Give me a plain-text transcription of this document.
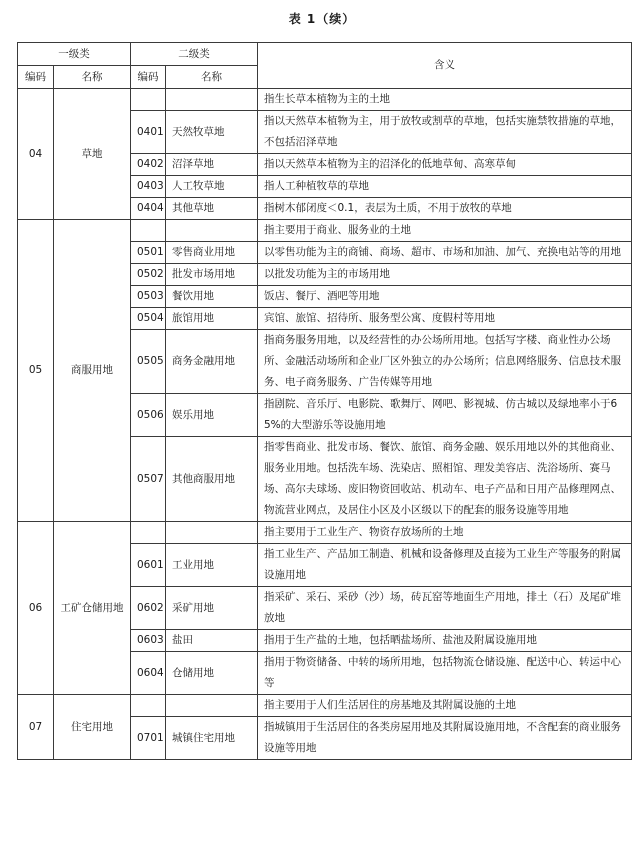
表 1（续）
一级类		二级类		含义
编码	名称	编码	名称	
04	草地			指生长草本植物为主的土地
		0401	天然牧草地	指以天然草本植物为主，用于放牧或割草的草地，包括实施禁牧措施的草地，不包括沼泽草地
		0402	沼泽草地	指以天然草本植物为主的沼泽化的低地草甸、高寒草甸
		0403	人工牧草地	指人工种植牧草的草地
		0404	其他草地	指树木郁闭度＜0.1，表层为土质，不用于放牧的草地
05	商服用地			指主要用于商业、服务业的土地
		0501	零售商业用地	以零售功能为主的商铺、商场、超市、市场和加油、加气、充换电站等的用地
		0502	批发市场用地	以批发功能为主的市场用地
		0503	餐饮用地	饭店、餐厅、酒吧等用地
		0504	旅馆用地	宾馆、旅馆、招待所、服务型公寓、度假村等用地
		0505	商务金融用地	指商务服务用地，以及经营性的办公场所用地。包括写字楼、商业性办公场所、金融活动场所和企业厂区外独立的办公场所；信息网络服务、信息技术服务、电子商务服务、广告传媒等用地
		0506	娱乐用地	指剧院、音乐厅、电影院、歌舞厅、网吧、影视城、仿古城以及绿地率小于65%的大型游乐等设施用地
		0507	其他商服用地	指零售商业、批发市场、餐饮、旅馆、商务金融、娱乐用地以外的其他商业、服务业用地。包括洗车场、洗染店、照相馆、理发美容店、洗浴场所、赛马场、高尔夫球场、废旧物资回收站、机动车、电子产品和日用产品修理网点、物流营业网点，及居住小区及小区级以下的配套的服务设施等用地
06	工矿仓储用地			指主要用于工业生产、物资存放场所的土地
		0601	工业用地	指工业生产、产品加工制造、机械和设备修理及直接为工业生产等服务的附属设施用地
		0602	采矿用地	指采矿、采石、采砂（沙）场，砖瓦窑等地面生产用地，排土（石）及尾矿堆放地
		0603	盐田	指用于生产盐的土地，包括晒盐场所、盐池及附属设施用地
		0604	仓储用地	指用于物资储备、中转的场所用地，包括物流仓储设施、配送中心、转运中心等
07	住宅用地			指主要用于人们生活居住的房基地及其附属设施的土地
		0701	城镇住宅用地	指城镇用于生活居住的各类房屋用地及其附属设施用地，不含配套的商业服务设施等用地
